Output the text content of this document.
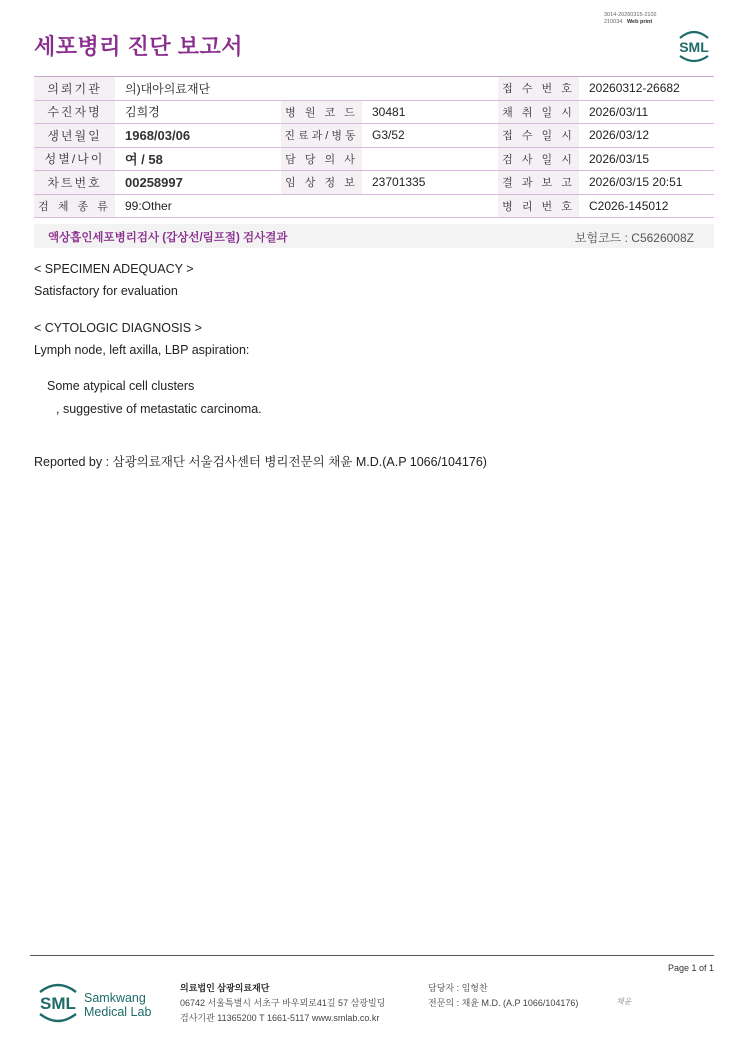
세포병리 진단 보고서
3014-20260315-2102
210034 Web print
SML
의뢰기관	의)대아의료재단			접 수 번 호	20260312-26682
수진자명	김희경	병 원 코 드	30481	채 취 일 시	2026/03/11
생년월일	1968/03/06	진료과/병동	G3/52	접 수 일 시	2026/03/12
성별/나이	여 / 58	담 당 의 사		검 사 일 시	2026/03/15
차트번호	00258997	임 상 정 보	23701335	결 과 보 고	2026/03/15 20:51
검 체 종 류	99:Other			병 리 번 호	C2026-145012
액상흡인세포병리검사 (갑상선/림프절) 검사결과	보험코드 : C5626008Z
< SPECIMEN ADEQUACY >
Satisfactory for evaluation
< CYTOLOGIC DIAGNOSIS >
Lymph node, left axilla, LBP aspiration:
Some atypical cell clusters
, suggestive of metastatic carcinoma.
Reported by : 삼광의료재단 서울검사센터 병리전문의 채윤 M.D.(A.P 1066/104176)
Page 1 of 1
SML Samkwang
Medical Lab
의료법인 삼광의료재단
06742 서울특별시 서초구 바우뫼로41길 57 삼광빌딩
검사기관 11365200 T 1661-5117 www.smlab.co.kr
담당자 : 임형찬
전문의 : 채윤 M.D. (A.P 1066/104176)	채윤
